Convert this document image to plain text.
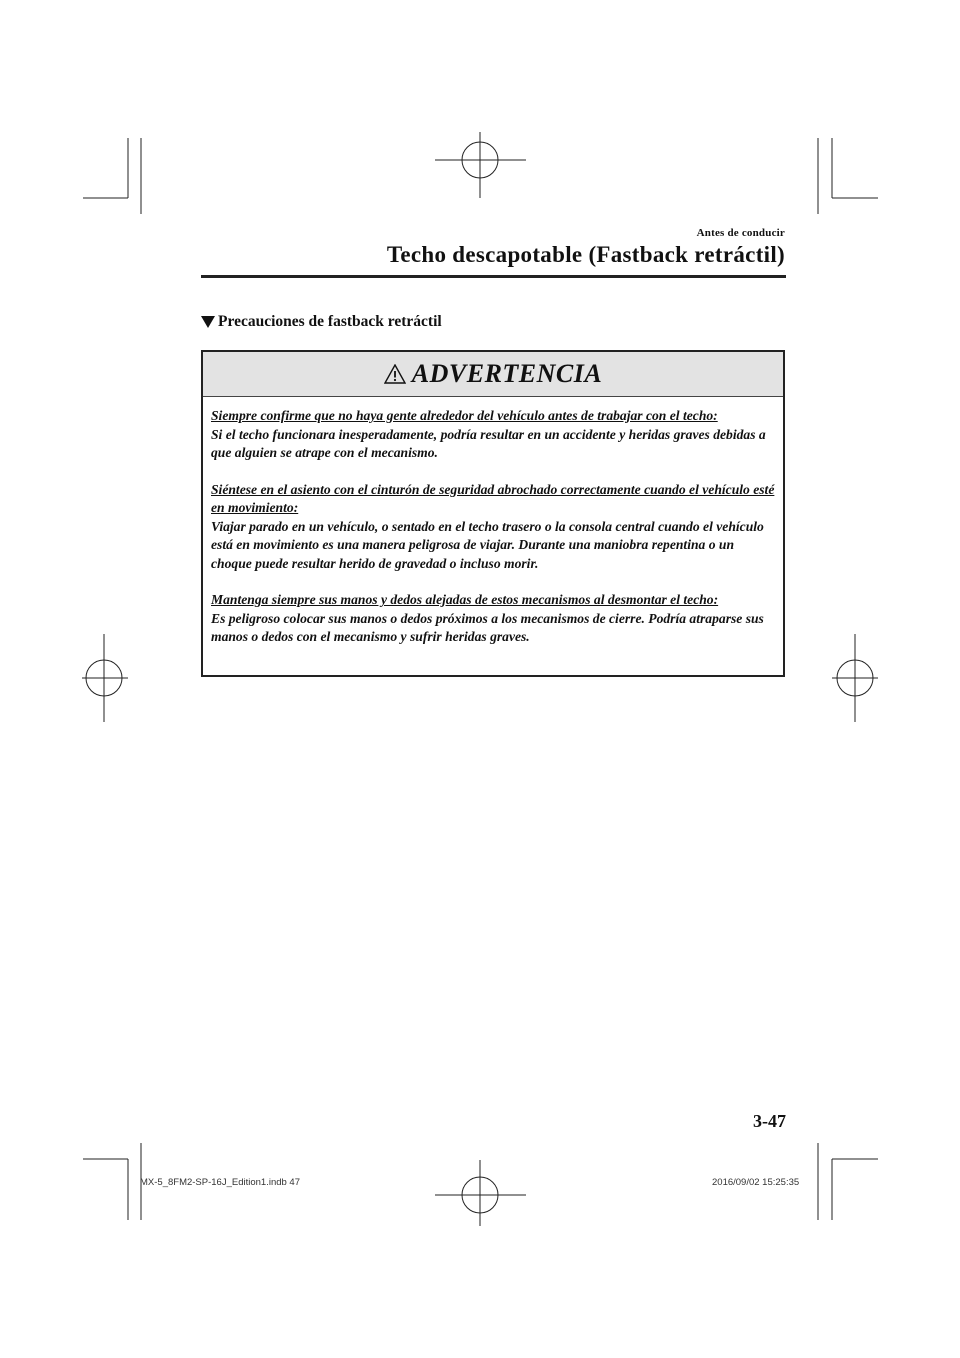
Antes de conducir
Techo descapotable (Fastback retráctil)
Precauciones de fastback retráctil
ADVERTENCIA
Siempre confirme que no haya gente alrededor del vehículo antes de trabajar con el techo:
Si el techo funcionara inesperadamente, podría resultar en un accidente y heridas graves debidas a que alguien se atrape con el mecanismo.
Siéntese en el asiento con el cinturón de seguridad abrochado correctamente cuando el vehículo esté en movimiento:
Viajar parado en un vehículo, o sentado en el techo trasero o la consola central cuando el vehículo está en movimiento es una manera peligrosa de viajar. Durante una maniobra repentina o un choque puede resultar herido de gravedad o incluso morir.
Mantenga siempre sus manos y dedos alejadas de estos mecanismos al desmontar el techo:
Es peligroso colocar sus manos o dedos próximos a los mecanismos de cierre. Podría atraparse sus manos o dedos con el mecanismo y sufrir heridas graves.
3-47
MX-5_8FM2-SP-16J_Edition1.indb 47	2016/09/02 15:25:35
